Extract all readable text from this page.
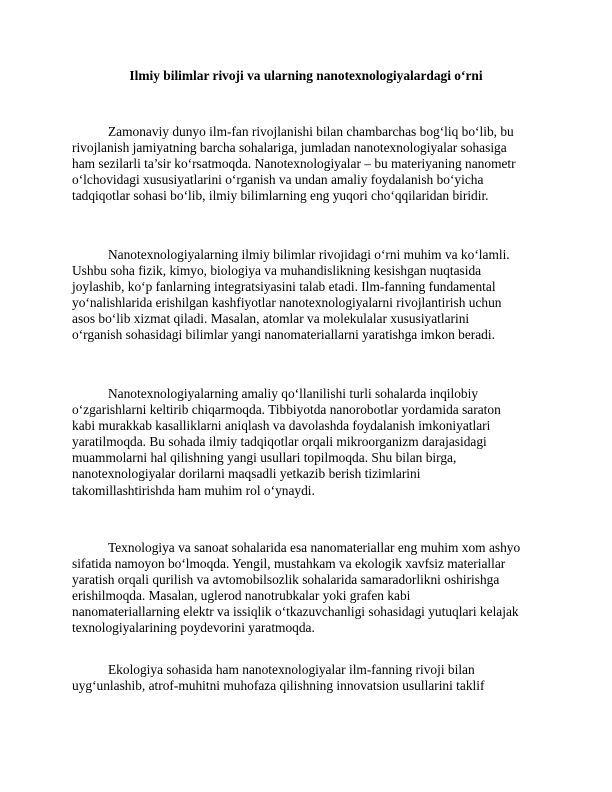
Ilmiy bilimlar rivoji va ularning nanotexnologiyalardagi o‘rni

Zamonaviy dunyo ilm-fan rivojlanishi bilan chambarchas bog‘liq bo‘lib, bu
rivojlanish jamiyatning barcha sohalariga, jumladan nanotexnologiyalar sohasiga
ham sezilarli ta’sir ko‘rsatmoqda. Nanotexnologiyalar – bu materiyaning nanometr
o‘lchovidagi xususiyatlarini o‘rganish va undan amaliy foydalanish bo‘yicha
tadqiqotlar sohasi bo‘lib, ilmiy bilimlarning eng yuqori cho‘qqilaridan biridir.

Nanotexnologiyalarning ilmiy bilimlar rivojidagi o‘rni muhim va ko‘lamli.
Ushbu soha fizik, kimyo, biologiya va muhandislikning kesishgan nuqtasida
joylashib, ko‘p fanlarning integratsiyasini talab etadi. Ilm-fanning fundamental
yo‘nalishlarida erishilgan kashfiyotlar nanotexnologiyalarni rivojlantirish uchun
asos bo‘lib xizmat qiladi. Masalan, atomlar va molekulalar xususiyatlarini
o‘rganish sohasidagi bilimlar yangi nanomateriallarni yaratishga imkon beradi.

Nanotexnologiyalarning amaliy qo‘llanilishi turli sohalarda inqilobiy
o‘zgarishlarni keltirib chiqarmoqda. Tibbiyotda nanorobotlar yordamida saraton
kabi murakkab kasalliklarni aniqlash va davolashda foydalanish imkoniyatlari
yaratilmoqda. Bu sohada ilmiy tadqiqotlar orqali mikroorganizm darajasidagi
muammolarni hal qilishning yangi usullari topilmoqda. Shu bilan birga,
nanotexnologiyalar dorilarni maqsadli yetkazib berish tizimlarini
takomillashtirishda ham muhim rol o‘ynaydi.

Texnologiya va sanoat sohalarida esa nanomateriallar eng muhim xom ashyo
sifatida namoyon bo‘lmoqda. Yengil, mustahkam va ekologik xavfsiz materiallar
yaratish orqali qurilish va avtomobilsozlik sohalarida samaradorlikni oshirishga
erishilmoqda. Masalan, uglerod nanotrubkalar yoki grafen kabi
nanomateriallarning elektr va issiqlik o‘tkazuvchanligi sohasidagi yutuqlari kelajak
texnologiyalarining poydevorini yaratmoqda.

Ekologiya sohasida ham nanotexnologiyalar ilm-fanning rivoji bilan
uyg‘unlashib, atrof-muhitni muhofaza qilishning innovatsion usullarini taklif
